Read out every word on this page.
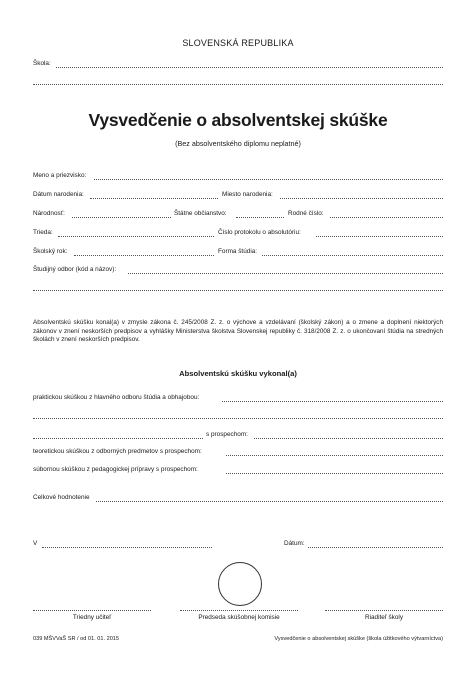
SLOVENSKÁ REPUBLIKA
Škola:
Vysvedčenie o absolventskej skúške
(Bez absolventského diplomu neplatné)
Meno a priezvisko:
Dátum narodenia:	Miesto narodenia:
Národnosť:	Štátne občianstvo:	Rodné číslo:
Trieda:	Číslo protokolu o absolutóriu:
Školský rok:	Forma štúdia:
Študijný odbor (kód a názov):
Absolventskú skúšku konal(a) v zmysle zákona č. 245/2008 Z. z. o výchove a vzdelávaní (školský zákon) a o zmene a doplnení niektorých zákonov v znení neskorších predpisov a vyhlášky Ministerstva školstva Slovenskej republiky č. 318/2008 Z. z. o ukončovaní štúdia na stredných školách v znení neskorších predpisov.
Absolventskú skúšku vykonal(a)
praktickou skúškou z hlavného odboru štúdia a obhajobou:
s prospechom:
teoretickou skúškou z odborných predmetov s prospechom:
súbornou skúškou z pedagogickej prípravy s prospechom:
Celkové hodnotenie
V	Dátum:
Triedny učiteľ	Predseda skúšobnej komisie	Riaditeľ školy
039 MŠVVaŠ SR / od 01. 01. 2015	Vysvedčenie o absolventskej skúške (škola úžitkového výtvarníctva)
